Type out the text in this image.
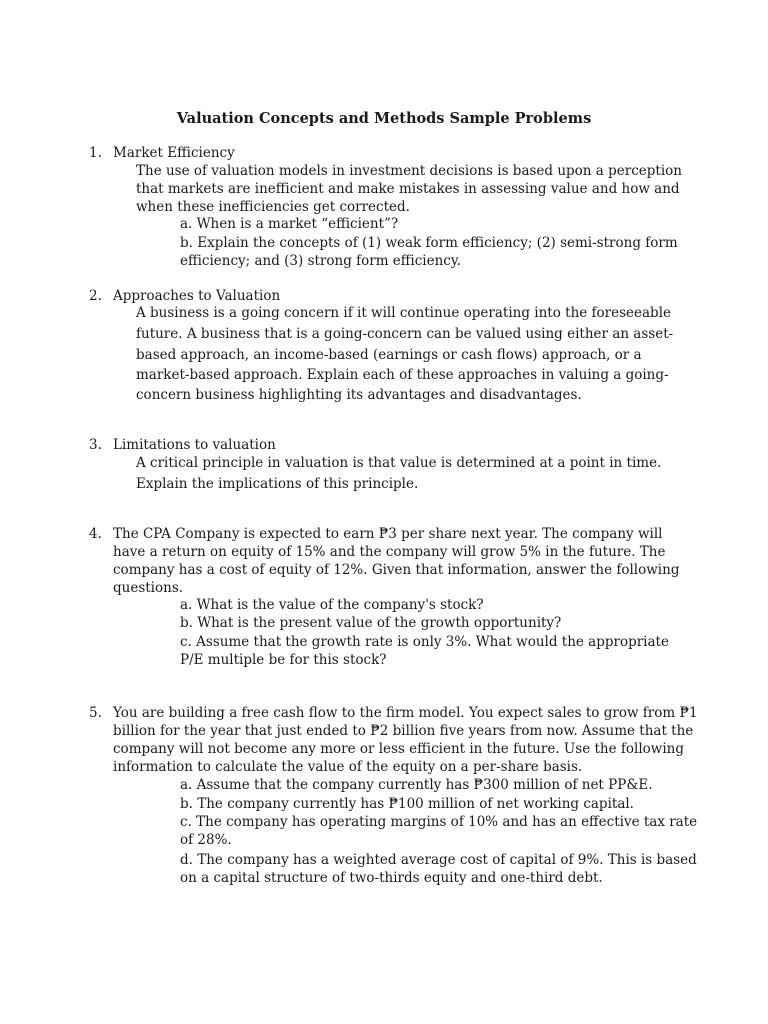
Valuation Concepts and Methods Sample Problems
1. Market Efficiency
The use of valuation models in investment decisions is based upon a perception
that markets are inefficient and make mistakes in assessing value and how and
when these inefficiencies get corrected.
a. When is a market “efficient”?
b. Explain the concepts of (1) weak form efficiency; (2) semi-strong form
efficiency; and (3) strong form efficiency.
2. Approaches to Valuation
A business is a going concern if it will continue operating into the foreseeable
future. A business that is a going-concern can be valued using either an asset-
based approach, an income-based (earnings or cash flows) approach, or a
market-based approach. Explain each of these approaches in valuing a going-
concern business highlighting its advantages and disadvantages.
3. Limitations to valuation
A critical principle in valuation is that value is determined at a point in time.
Explain the implications of this principle.
4. The CPA Company is expected to earn ₱3 per share next year. The company will
have a return on equity of 15% and the company will grow 5% in the future. The
company has a cost of equity of 12%. Given that information, answer the following
questions.
a. What is the value of the company's stock?
b. What is the present value of the growth opportunity?
c. Assume that the growth rate is only 3%. What would the appropriate
P/E multiple be for this stock?
5. You are building a free cash flow to the firm model. You expect sales to grow from ₱1
billion for the year that just ended to ₱2 billion five years from now. Assume that the
company will not become any more or less efficient in the future. Use the following
information to calculate the value of the equity on a per-share basis.
a. Assume that the company currently has ₱300 million of net PP&E.
b. The company currently has ₱100 million of net working capital.
c. The company has operating margins of 10% and has an effective tax rate
of 28%.
d. The company has a weighted average cost of capital of 9%. This is based
on a capital structure of two-thirds equity and one-third debt.
